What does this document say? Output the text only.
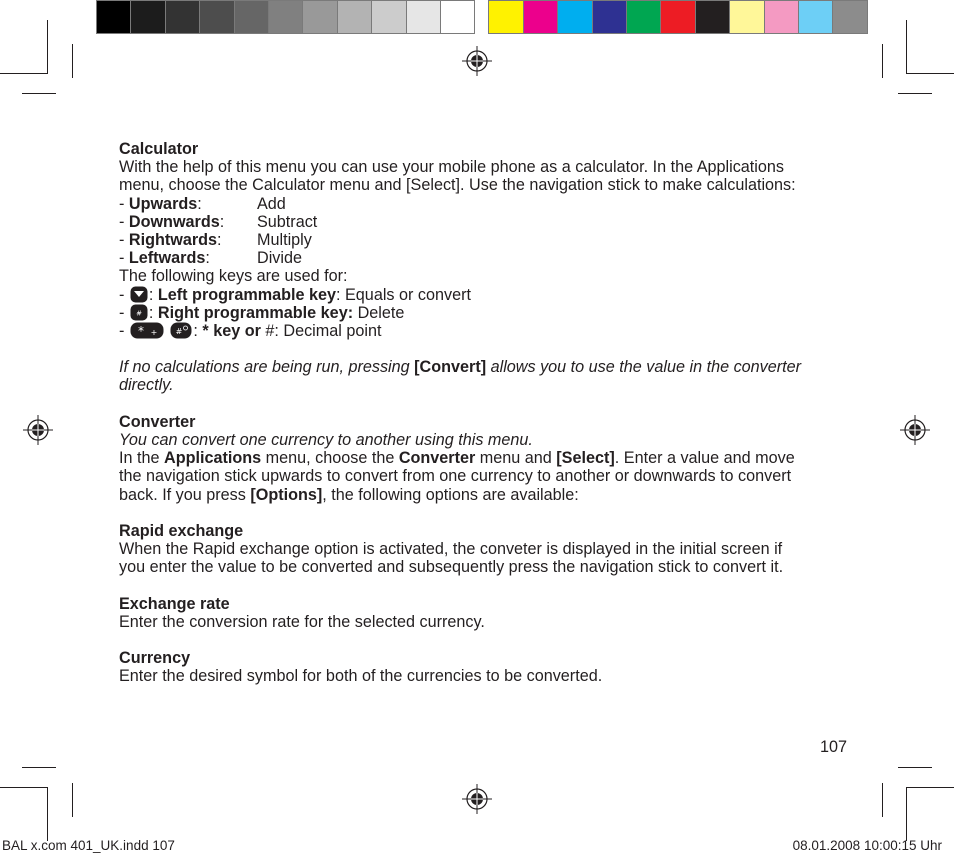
Calculator
With the help of this menu you can use your mobile phone as a calculator. In the Applications
menu, choose the Calculator menu and [Select]. Use the navigation stick to make calculations:
- Upwards:	Add
- Downwards: Subtract
- Rightwards: Multiply
- Leftwards:	Divide
The following keys are used for:
- : Left programmable key: Equals or convert
- # : Right programmable key: Delete
- * +
# : * key or #: Decimal point
If no calculations are being run, pressing [Convert] allows you to use the value in the converter
directly.
Converter
You can convert one currency to another using this menu.
In the Applications menu, choose the Converter menu and [Select]. Enter a value and move
the navigation stick upwards to convert from one currency to another or downwards to convert
back. If you press [Options], the following options are available:
Rapid exchange
When the Rapid exchange option is activated, the conveter is displayed in the initial screen if
you enter the value to be converted and subsequently press the navigation stick to convert it.
Exchange rate
Enter the conversion rate for the selected currency.
Currency
Enter the desired symbol for both of the currencies to be converted.
107
BAL x.com 401_UK.indd 107	08.01.2008 10:00:15 Uhr
